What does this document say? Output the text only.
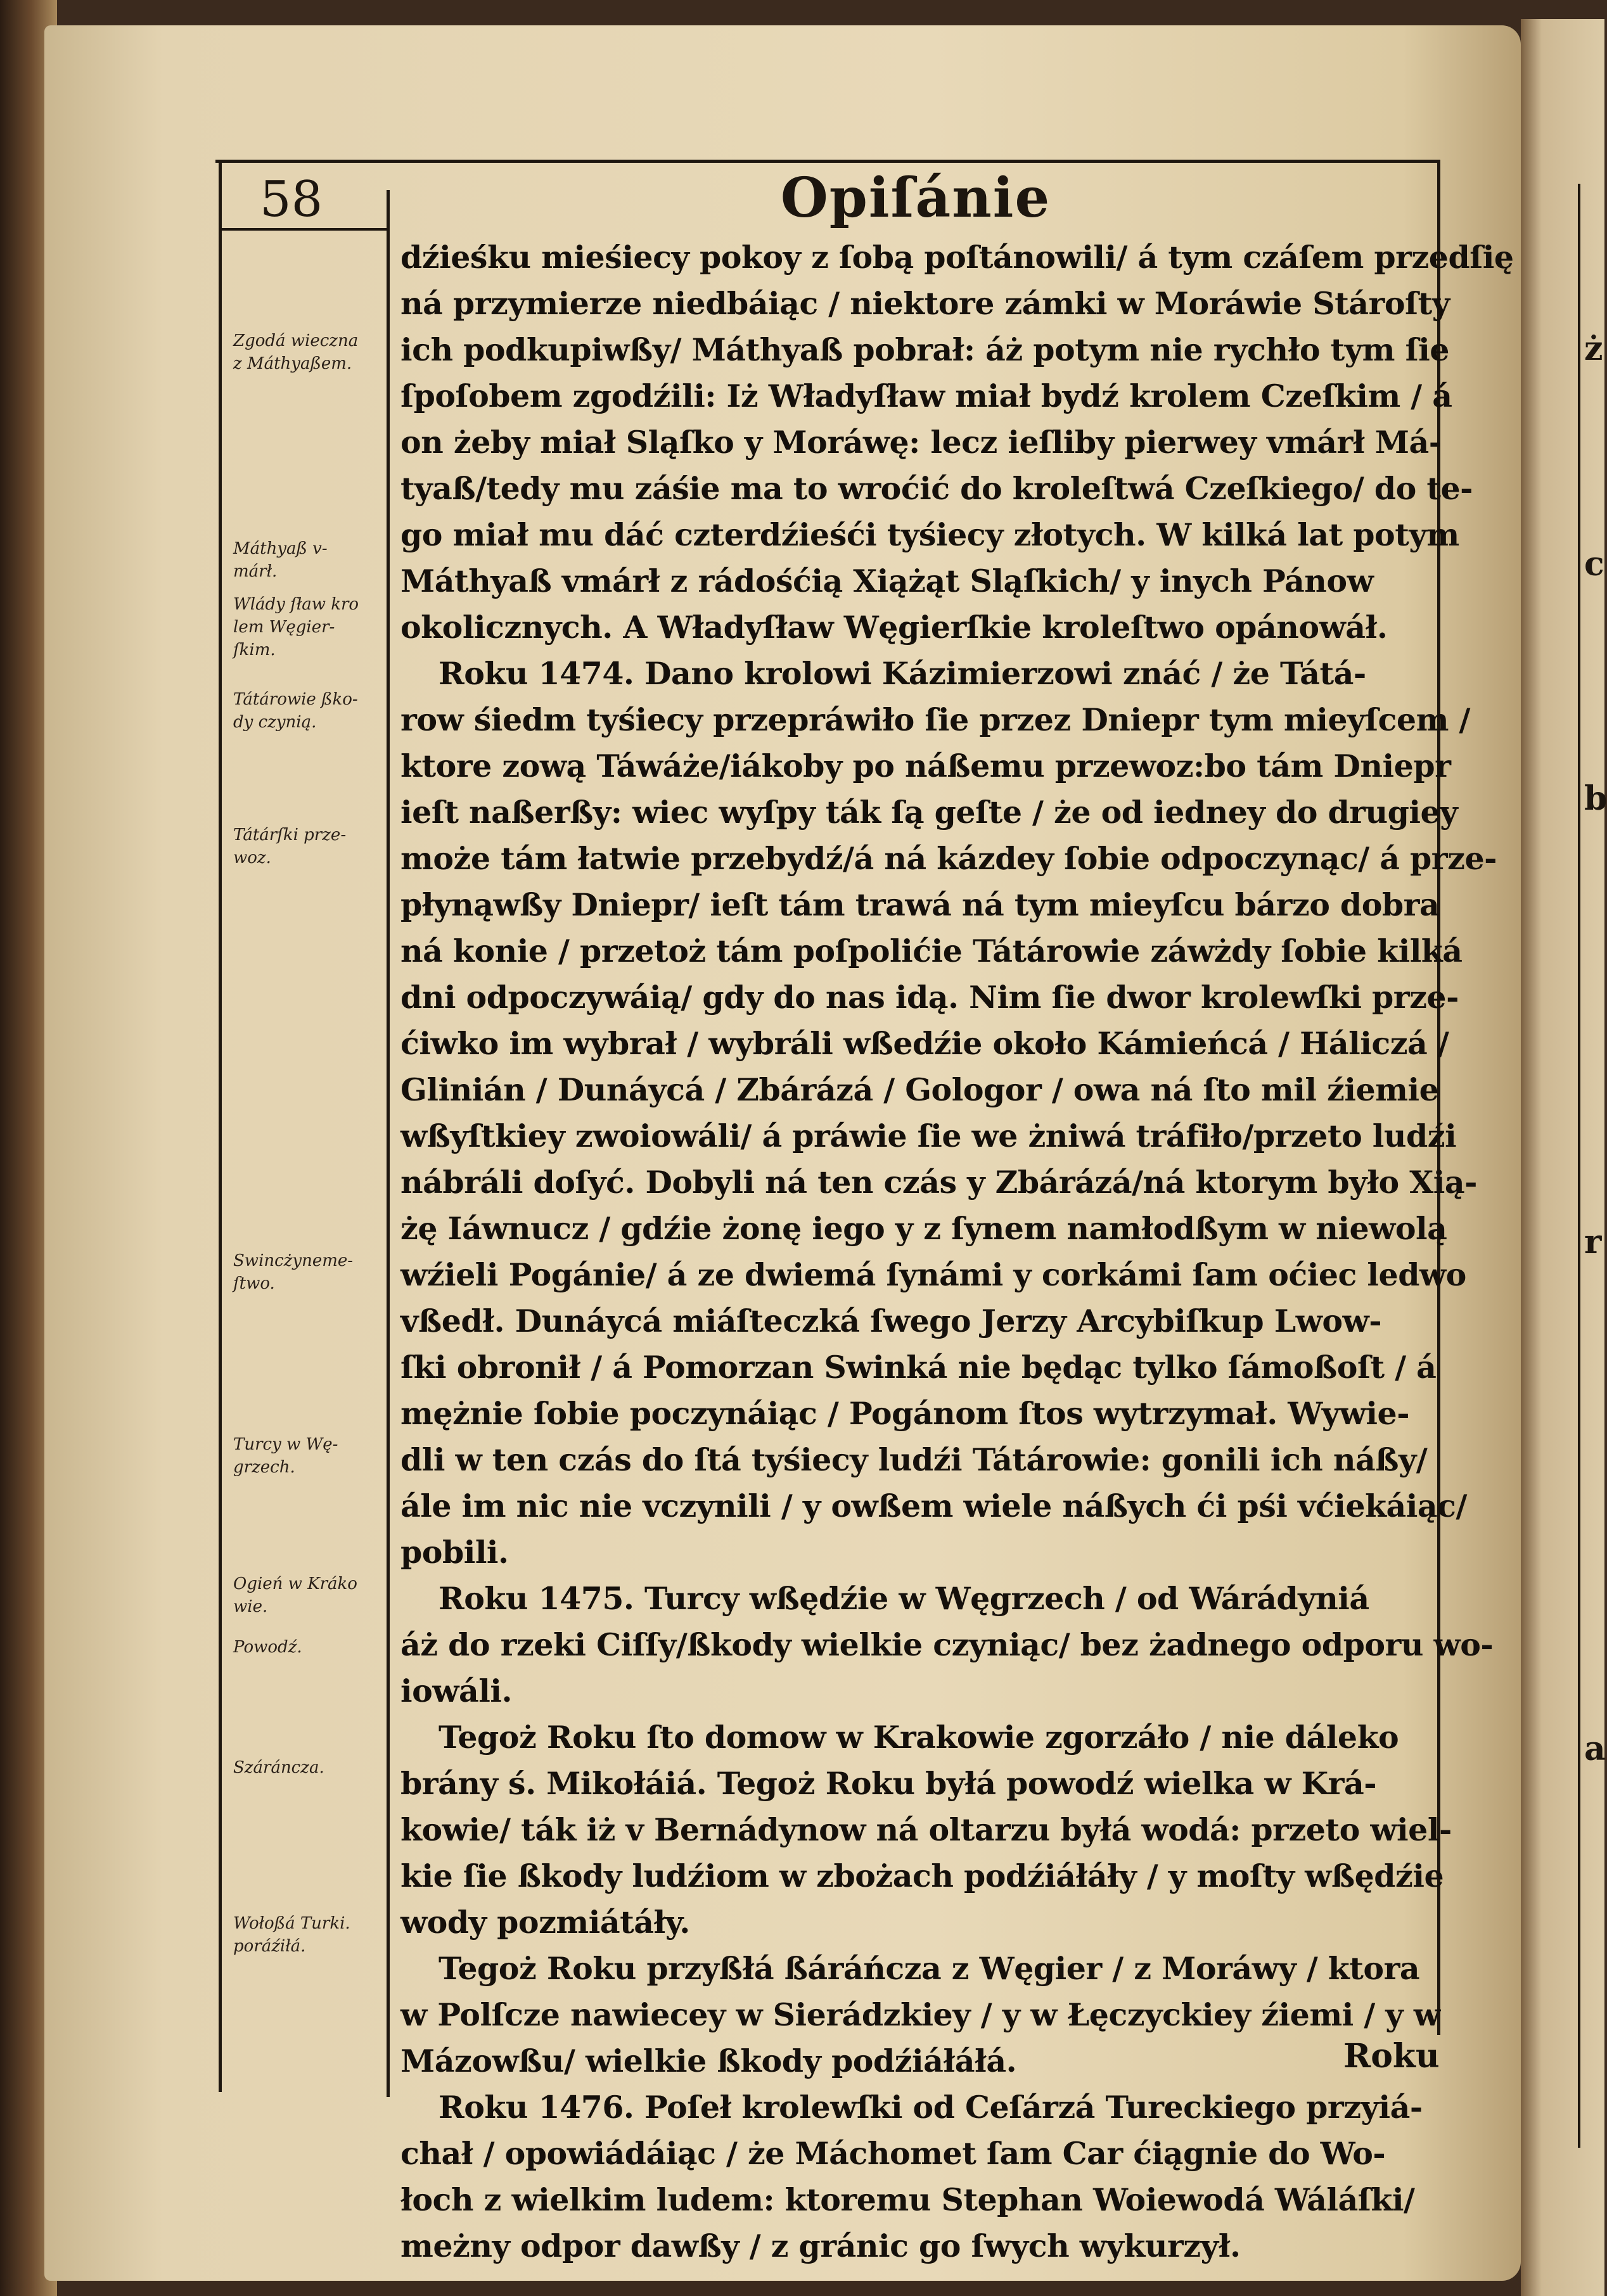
ż
c
b
r
a
58	Opiſánie
Zgodá wieczna
z Máthyaßem.
Máthyaß v-
márł.
Wlády ſław kro
lem Węgier-
ſkim.
Tátárowie ßko-
dy czynią.
Tátárſki prze-
woz.
Swincżyneme-
ſtwo.
Turcy w Wę-
grzech.
Ogień w Kráko
wie.
Powodź.
Száráncza.
Wołoßá Turki.
poráźiłá.
dźieśku mieśiecy pokoy z ſobą poſtánowili/ á tym czáſem przedſię
ná przymierze niedbáiąc / niektore zámki w Moráwie Stároſty
ich podkupiwßy/ Máthyaß pobrał: áż potym nie rychło tym ſie
ſpoſobem zgodźili: Iż Władyſław miał bydź krolem Czeſkim / á
on żeby miał Sląſko y Moráwę: lecz ieſliby pierwey vmárł Má-
tyaß/tedy mu záśie ma to wroćić do kroleſtwá Czeſkiego/ do te-
go miał mu dáć czterdźieśći tyśiecy złotych. W kilká lat potym
Máthyaß vmárł z rádośćią Xiążąt Sląſkich/ y inych Pánow
okolicznych. A Władyſław Węgierſkie kroleſtwo opánowáł.
Roku 1474. Dano krolowi Kázimierzowi znáć / że Tátá-
row śiedm tyśiecy przepráwiło ſie przez Dniepr tym mieyſcem /
ktore zową Táwáże/iákoby po náßemu przewoz:bo tám Dniepr
ieſt naßerßy: wiec wyſpy ták ſą geſte / że od iedney do drugiey
może tám łatwie przebydź/á ná kázdey ſobie odpoczynąc/ á prze-
płynąwßy Dniepr/ ieſt tám trawá ná tym mieyſcu bárzo dobra
ná konie / przetoż tám poſpolićie Tátárowie záwżdy ſobie kilká
dni odpoczywáią/ gdy do nas idą. Nim ſie dwor krolewſki prze-
ćiwko im wybrał / wybráli wßedźie około Kámieńcá / Háliczá /
Glinián / Dunáycá / Zbárázá / Gologor / owa ná ſto mil źiemie
wßyſtkiey zwoiowáli/ á práwie ſie we żniwá tráfiło/przeto ludźi
nábráli doſyć. Dobyli ná ten czás y Zbárázá/ná ktorym było Xią-
żę Iáwnucz / gdźie żonę iego y z ſynem namłodßym w niewolą
wźieli Pogánie/ á ze dwiemá ſynámi y corkámi ſam oćiec ledwo
vßedł. Dunáycá miáſteczká ſwego Jerzy Arcybiſkup Lwow-
ſki obronił / á Pomorzan Swinká nie będąc tylko ſámoßoſt / á
mężnie ſobie poczynáiąc / Pogánom ſtos wytrzymał. Wywie-
dli w ten czás do ſtá tyśiecy ludźi Tátárowie: gonili ich náßy/
ále im nic nie vczynili / y owßem wiele náßych ći pśi vćiekáiąc/
pobili.
Roku 1475. Turcy wßędźie w Węgrzech / od Wárádyniá
áż do rzeki Ciſſy/ßkody wielkie czyniąc/ bez żadnego odporu wo-
iowáli.
Tegoż Roku ſto domow w Krakowie zgorzáło / nie dáleko
brány ś. Mikołáiá. Tegoż Roku byłá powodź wielka w Krá-
kowie/ ták iż v Bernádynow ná oltarzu byłá wodá: przeto wiel-
kie ſie ßkody ludźiom w zbożach podźiáłáły / y moſty wßędźie
wody pozmiátáły.
Tegoż Roku przyßłá ßáráńcza z Węgier / z Moráwy / ktora
w Polſcze nawiecey w Sierádzkiey / y w Łęczyckiey źiemi / y w
Mázowßu/ wielkie ßkody podźiáłáłá.
Roku 1476. Poſeł krolewſki od Ceſárzá Tureckiego przyiá-
chał / opowiádáiąc / że Máchomet ſam Car ćiągnie do Wo-
łoch z wielkim ludem: ktoremu Stephan Woiewodá Wáláſki/
meżny odpor dawßy / z gránic go ſwych wykurzył.
Roku
